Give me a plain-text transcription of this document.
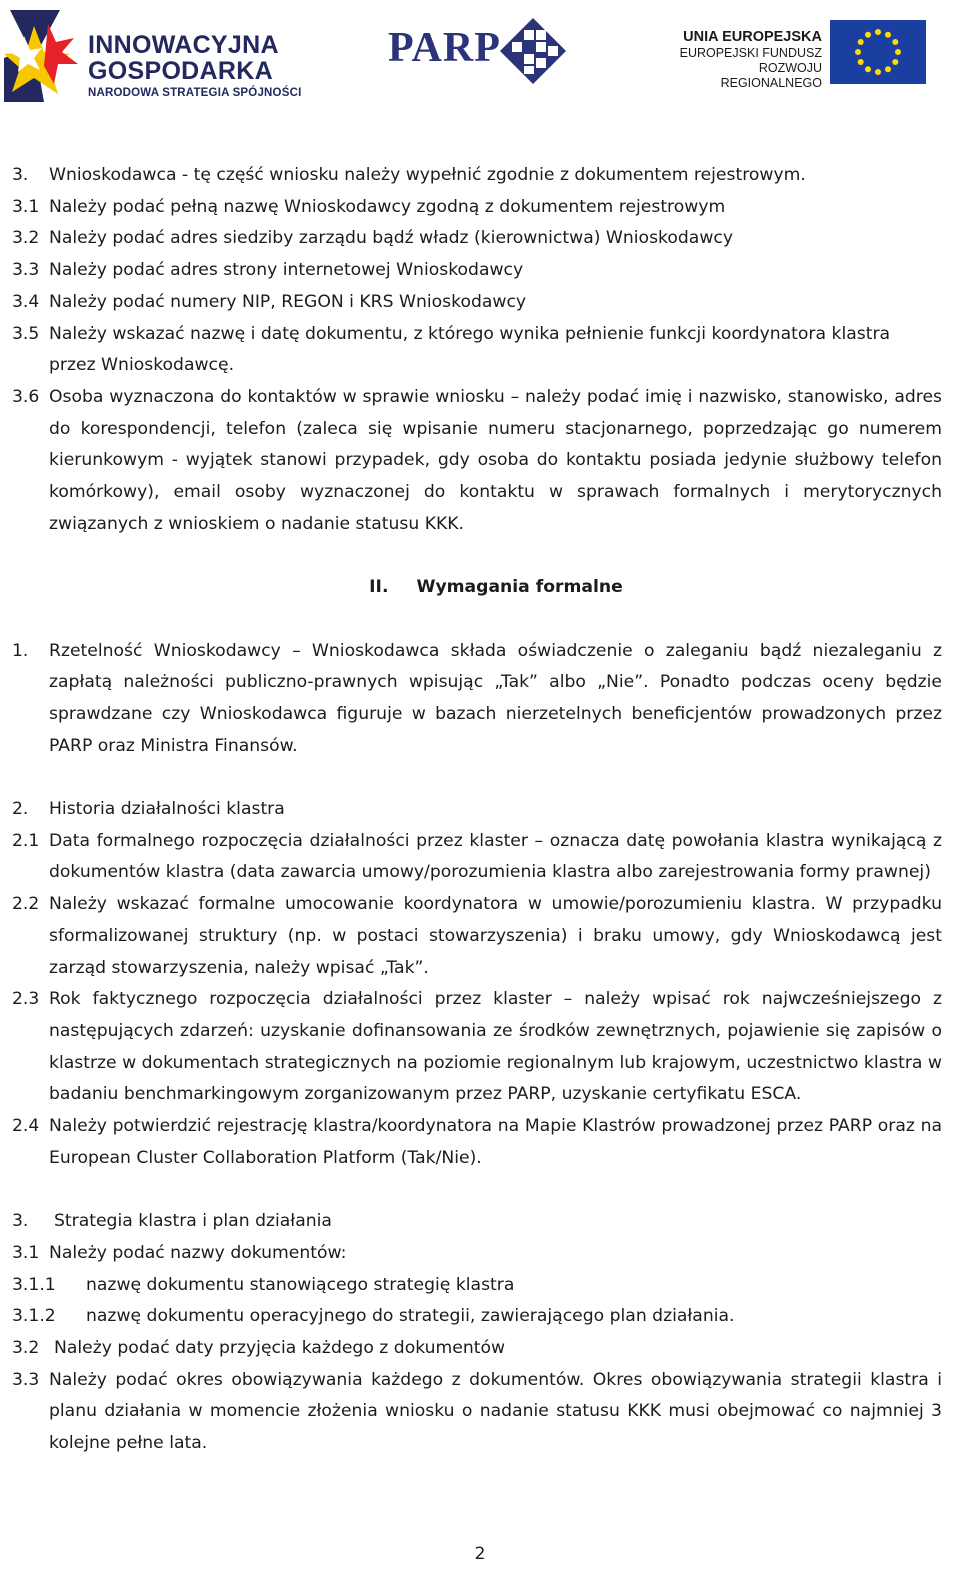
INNOWACYJNA
GOSPODARKA
NARODOWA STRATEGIA SPÓJNOŚCI
PARP	UNIA EUROPEJSKA
EUROPEJSKI FUNDUSZ
ROZWOJU REGIONALNEGO
3.	Wnioskodawca - tę część wniosku należy wypełnić zgodnie z dokumentem rejestrowym.
3.1 Należy podać pełną nazwę Wnioskodawcy zgodną z dokumentem rejestrowym
3.2 Należy podać adres siedziby zarządu bądź władz (kierownictwa) Wnioskodawcy
3.3 Należy podać adres strony internetowej Wnioskodawcy
3.4 Należy podać numery NIP, REGON i KRS Wnioskodawcy
3.5 Należy wskazać nazwę i datę dokumentu, z którego wynika pełnienie funkcji koordynatora klastra przez Wnioskodawcę.
3.6 Osoba wyznaczona do kontaktów w sprawie wniosku – należy podać imię i nazwisko, stanowisko, adres do korespondencji, telefon (zaleca się wpisanie numeru stacjonarnego, poprzedzając go numerem kierunkowym - wyjątek stanowi przypadek, gdy osoba do kontaktu posiada jedynie służbowy telefon komórkowy), email osoby wyznaczonej do kontaktu w sprawach formalnych i merytorycznych związanych z wnioskiem o nadanie statusu KKK.
II. Wymagania formalne
1.	Rzetelność Wnioskodawcy – Wnioskodawca składa oświadczenie o zaleganiu bądź niezaleganiu z zapłatą należności publiczno-prawnych wpisując „Tak” albo „Nie”. Ponadto podczas oceny będzie sprawdzane czy Wnioskodawca figuruje w bazach nierzetelnych beneficjentów prowadzonych przez PARP oraz Ministra Finansów.
2.	Historia działalności klastra
2.1 Data formalnego rozpoczęcia działalności przez klaster – oznacza datę powołania klastra wynikającą z dokumentów klastra (data zawarcia umowy/porozumienia klastra albo zarejestrowania formy prawnej)
2.2 Należy wskazać formalne umocowanie koordynatora w umowie/porozumieniu klastra. W przypadku sformalizowanej struktury (np. w postaci stowarzyszenia) i braku umowy, gdy Wnioskodawcą jest zarząd stowarzyszenia, należy wpisać „Tak”.
2.3 Rok faktycznego rozpoczęcia działalności przez klaster – należy wpisać rok najwcześniejszego z następujących zdarzeń: uzyskanie dofinansowania ze środków zewnętrznych, pojawienie się zapisów o klastrze w dokumentach strategicznych na poziomie regionalnym lub krajowym, uczestnictwo klastra w badaniu benchmarkingowym zorganizowanym przez PARP, uzyskanie certyfikatu ESCA.
2.4 Należy potwierdzić rejestrację klastra/koordynatora na Mapie Klastrów prowadzonej przez PARP oraz na European Cluster Collaboration Platform (Tak/Nie).
3.	Strategia klastra i plan działania
3.1 Należy podać nazwy dokumentów:
3.1.1	nazwę dokumentu stanowiącego strategię klastra
3.1.2	nazwę dokumentu operacyjnego do strategii, zawierającego plan działania.
3.2 Należy podać daty przyjęcia każdego z dokumentów
3.3 Należy podać okres obowiązywania każdego z dokumentów. Okres obowiązywania strategii klastra i planu działania w momencie złożenia wniosku o nadanie statusu KKK musi obejmować co najmniej 3 kolejne pełne lata.
2
